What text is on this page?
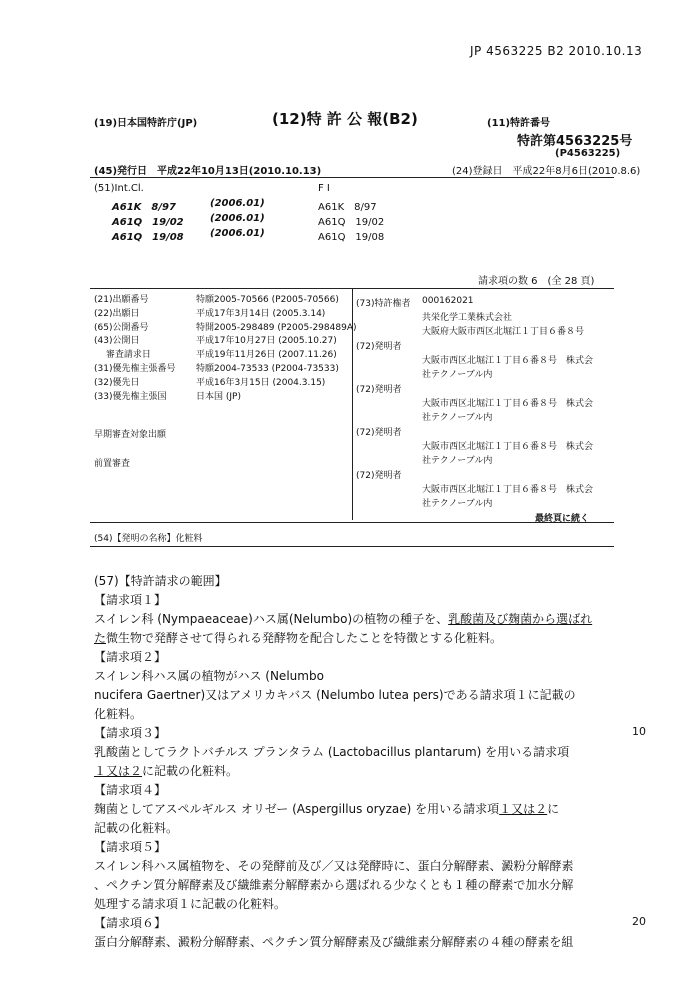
JP 4563225 B2 2010.10.13
(19)日本国特許庁(JP)	(12)特 許 公 報(B2)	(11)特許番号
特許第4563225号
(P4563225)
(45)発行日　平成22年10月13日(2010.10.13)	(24)登録日　平成22年8月6日(2010.8.6)
(51)Int.Cl.	F I
A61K　8/97	(2006.01)	A61K　8/97
A61Q　19/02	(2006.01)	A61Q　19/02
A61Q　19/08	(2006.01)	A61Q　19/08
請求項の数 6　(全 28 頁)
(21)出願番号	特願2005-70566 (P2005-70566)
(22)出願日	平成17年3月14日 (2005.3.14)
(65)公開番号	特開2005-298489 (P2005-298489A)
(43)公開日	平成17年10月27日 (2005.10.27)
　 審査請求日	平成19年11月26日 (2007.11.26)
(31)優先権主張番号	特願2004-73533 (P2004-73533)
(32)優先日	平成16年3月15日 (2004.3.15)
(33)優先権主張国	日本国 (JP)
早期審査対象出願
前置審査
(73)特許権者 000162021
共栄化学工業株式会社
大阪府大阪市西区北堀江１丁目６番８号
(72)発明者
大阪市西区北堀江１丁目６番８号　株式会
社テクノーブル内
(72)発明者
大阪市西区北堀江１丁目６番８号　株式会
社テクノーブル内
(72)発明者
大阪市西区北堀江１丁目６番８号　株式会
社テクノーブル内
(72)発明者
大阪市西区北堀江１丁目６番８号　株式会
社テクノーブル内
最終頁に続く
(54)【発明の名称】化粧料
(57)【特許請求の範囲】
【請求項１】
スイレン科 (Nympaeaceae)ハス属(Nelumbo)の植物の種子を、乳酸菌及び麹菌から選ばれ
た微生物で発酵させて得られる発酵物を配合したことを特徴とする化粧料。
【請求項２】
スイレン科ハス属の植物がハス (Nelumbo
nucifera Gaertner)又はアメリカキバス (Nelumbo lutea pers)である請求項１に記載の
化粧料。
【請求項３】
乳酸菌としてラクトバチルス プランタラム (Lactobacillus plantarum) を用いる請求項
１又は２に記載の化粧料。
【請求項４】
麹菌としてアスペルギルス オリゼー (Aspergillus oryzae) を用いる請求項１又は２に
記載の化粧料。
【請求項５】
スイレン科ハス属植物を、その発酵前及び／又は発酵時に、蛋白分解酵素、澱粉分解酵素
、ペクチン質分解酵素及び繊維素分解酵素から選ばれる少なくとも１種の酵素で加水分解
処理する請求項１に記載の化粧料。
【請求項６】
蛋白分解酵素、澱粉分解酵素、ペクチン質分解酵素及び繊維素分解酵素の４種の酵素を組
10
20
